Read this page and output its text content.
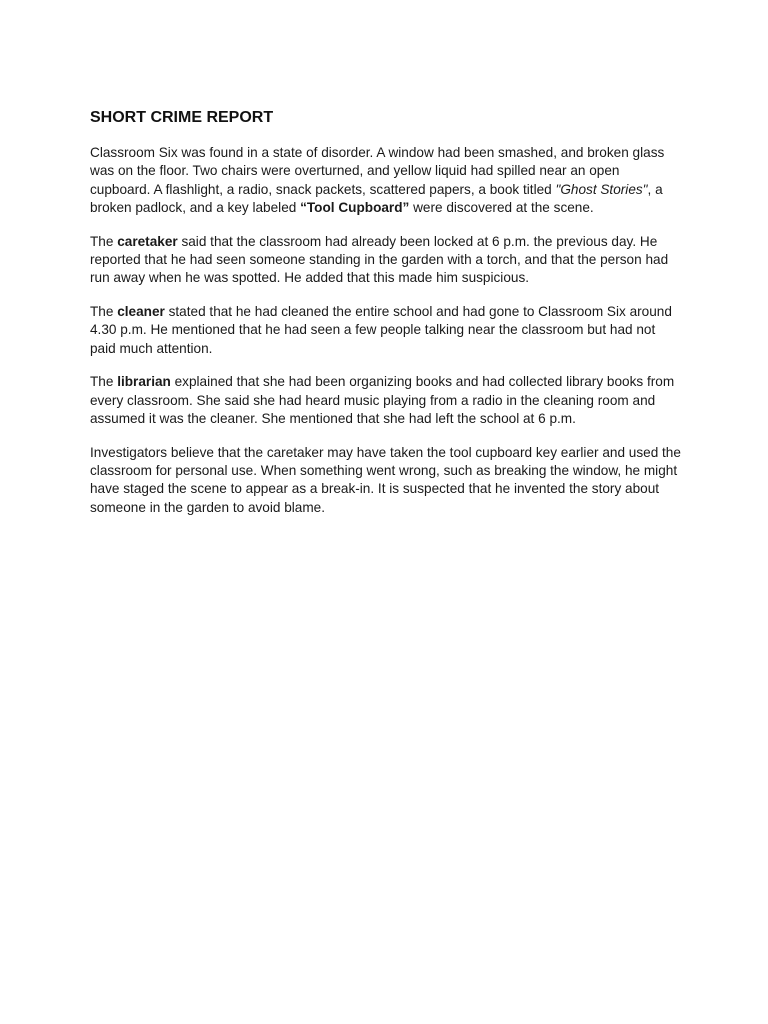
SHORT CRIME REPORT

Classroom Six was found in a state of disorder. A window had been smashed, and broken glass was on the floor. Two chairs were overturned, and yellow liquid had spilled near an open cupboard. A flashlight, a radio, snack packets, scattered papers, a book titled "Ghost Stories", a broken padlock, and a key labeled “Tool Cupboard” were discovered at the scene.

The caretaker said that the classroom had already been locked at 6 p.m. the previous day. He reported that he had seen someone standing in the garden with a torch, and that the person had run away when he was spotted. He added that this made him suspicious.

The cleaner stated that he had cleaned the entire school and had gone to Classroom Six around 4.30 p.m. He mentioned that he had seen a few people talking near the classroom but had not paid much attention.

The librarian explained that she had been organizing books and had collected library books from every classroom. She said she had heard music playing from a radio in the cleaning room and assumed it was the cleaner. She mentioned that she had left the school at 6 p.m.

Investigators believe that the caretaker may have taken the tool cupboard key earlier and used the classroom for personal use. When something went wrong, such as breaking the window, he might have staged the scene to appear as a break-in. It is suspected that he invented the story about someone in the garden to avoid blame.
